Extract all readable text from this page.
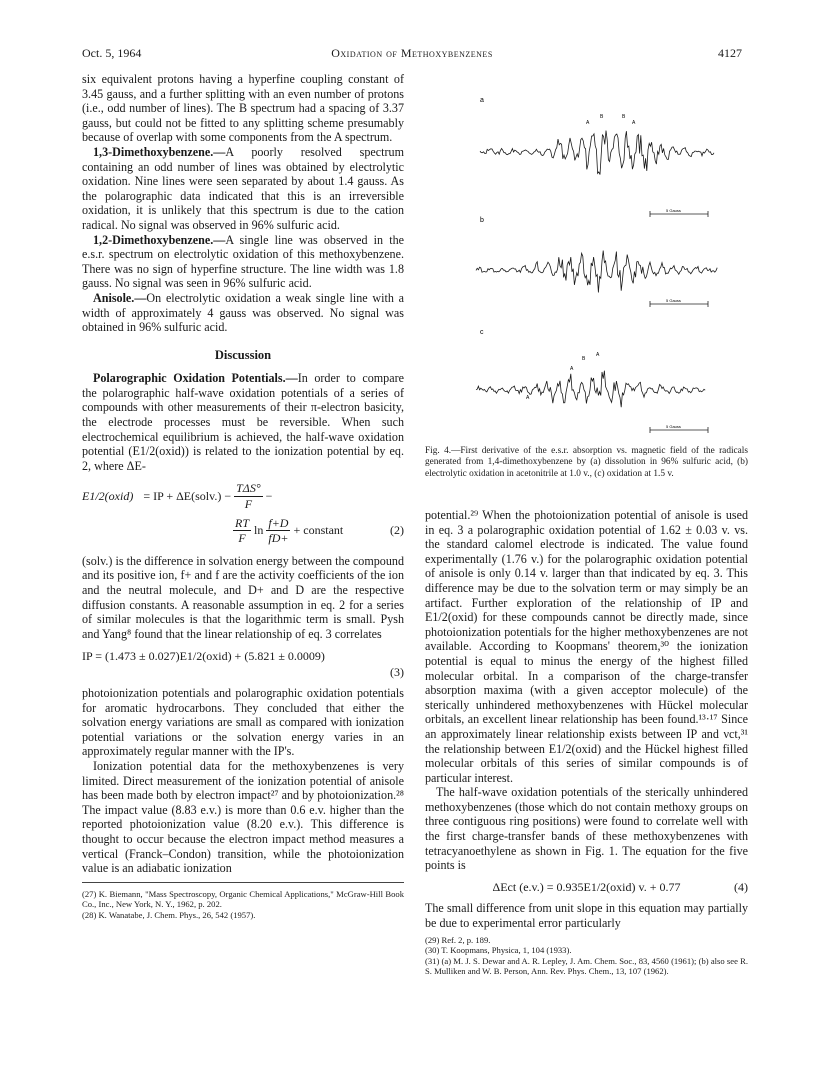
Oct. 5, 1964	Oxidation of Methoxybenzenes	4127

six equivalent protons having a hyperfine coupling constant of 3.45 gauss, and a further splitting with an even number of protons (i.e., odd number of lines). The B spectrum had a spacing of 3.37 gauss, but could not be fitted to any splitting scheme presumably because of overlap with some components from the A spectrum.

1,3-Dimethoxybenzene.—A poorly resolved spectrum containing an odd number of lines was obtained by electrolytic oxidation. Nine lines were seen separated by about 1.4 gauss. As the polarographic data indicated that this is an irreversible oxidation, it is unlikely that this spectrum is due to the cation radical. No signal was observed in 96% sulfuric acid.

1,2-Dimethoxybenzene.—A single line was observed in the e.s.r. spectrum on electrolytic oxidation of this methoxybenzene. There was no sign of hyperfine structure. The line width was 1.8 gauss. No signal was seen in 96% sulfuric acid.

Anisole.—On electrolytic oxidation a weak single line with a width of approximately 4 gauss was observed. No signal was obtained in 96% sulfuric acid.

Discussion

Polarographic Oxidation Potentials.—In order to compare the polarographic half-wave oxidation potentials of a series of compounds with other measurements of their π-electron basicity, the electrode processes must be reversible. When such electrochemical equilibrium is achieved, the half-wave oxidation potential (E1/2(oxid)) is related to the ionization potential by eq. 2, where ΔE-

E1/2(oxid) = IP + ΔE(solv.) − $\frac{\text{TΔS°}}{F}$ −
$\frac{RT}{F}$ $\ln \frac{f+D}{fD+}$ + constant	(2)

(solv.) is the difference in solvation energy between the compound and its positive ion, f+ and f are the activity coefficients of the ion and the neutral molecule, and D+ and D are the respective diffusion constants. A reasonable assumption in eq. 2 for a series of similar molecules is that the logarithmic term is small. Pysh and Yang⁸ found that the linear relationship of eq. 3 correlates

IP = (1.473 ± 0.027)E1/2(oxid) + (5.821 ± 0.0009)
(3)

photoionization potentials and polarographic oxidation potentials for aromatic hydrocarbons. They concluded that either the solvation energy variations are small as compared with ionization potential variations or the solvation energy varies in an approximately regular manner with the IP's.

Ionization potential data for the methoxybenzenes is very limited. Direct measurement of the ionization potential of anisole has been made both by electron impact²⁷ and by photoionization.²⁸ The impact value (8.83 e.v.) is more than 0.6 e.v. higher than the reported photoionization value (8.20 e.v.). This difference is thought to occur because the electron impact method measures a vertical (Franck–Condon) transition, while the photoionization value is an adiabatic ionization

(27) K. Biemann, "Mass Spectroscopy, Organic Chemical Applications," McGraw-Hill Book Co., Inc., New York, N. Y., 1962, p. 202.
(28) K. Wanatabe, J. Chem. Phys., 26, 542 (1957).
a
b
c
A
B	B
A
A
A
B
A
5 Gauss
5 Gauss
5 Gauss
Fig. 4.—First derivative of the e.s.r. absorption vs. magnetic field of the radicals generated from 1,4-dimethoxybenzene by (a) dissolution in 96% sulfuric acid, (b) electrolytic oxidation in acetonitrile at 1.0 v., (c) oxidation at 1.5 v.

potential.²⁹ When the photoionization potential of anisole is used in eq. 3 a polarographic oxidation potential of 1.62 ± 0.03 v. vs. the standard calomel electrode is indicated. The value found experimentally (1.76 v.) for the polarographic oxidation potential of anisole is only 0.14 v. larger than that indicated by eq. 3. This difference may be due to the solvation term or may simply be an artifact. Further exploration of the relationship of IP and E1/2(oxid) for these compounds cannot be directly made, since photoionization potentials for the higher methoxybenzenes are not available. According to Koopmans' theorem,³⁰ the ionization potential is equal to minus the energy of the highest filled molecular orbital. In a comparison of the charge-transfer absorption maxima (with a given acceptor molecule) of the sterically unhindered methoxybenzenes with Hückel molecular orbitals, an excellent linear relationship has been found.¹³·¹⁷ Since an approximately linear relationship exists between IP and νct,³¹ the relationship between E1/2(oxid) and the Hückel highest filled molecular orbitals of this series of similar compounds is of particular interest.

The half-wave oxidation potentials of the sterically unhindered methoxybenzenes (those which do not contain methoxy groups on three contiguous ring positions) were found to correlate well with the first charge-transfer bands of these methoxybenzenes with tetracyanoethylene as shown in Fig. 1. The equation for the five points is

ΔEct (e.v.) = 0.935E1/2(oxid) v. + 0.77	(4)

The small difference from unit slope in this equation may partially be due to experimental error particularly

(29) Ref. 2, p. 189.
(30) T. Koopmans, Physica, 1, 104 (1933).
(31) (a) M. J. S. Dewar and A. R. Lepley, J. Am. Chem. Soc., 83, 4560 (1961); (b) also see R. S. Mulliken and W. B. Person, Ann. Rev. Phys. Chem., 13, 107 (1962).
